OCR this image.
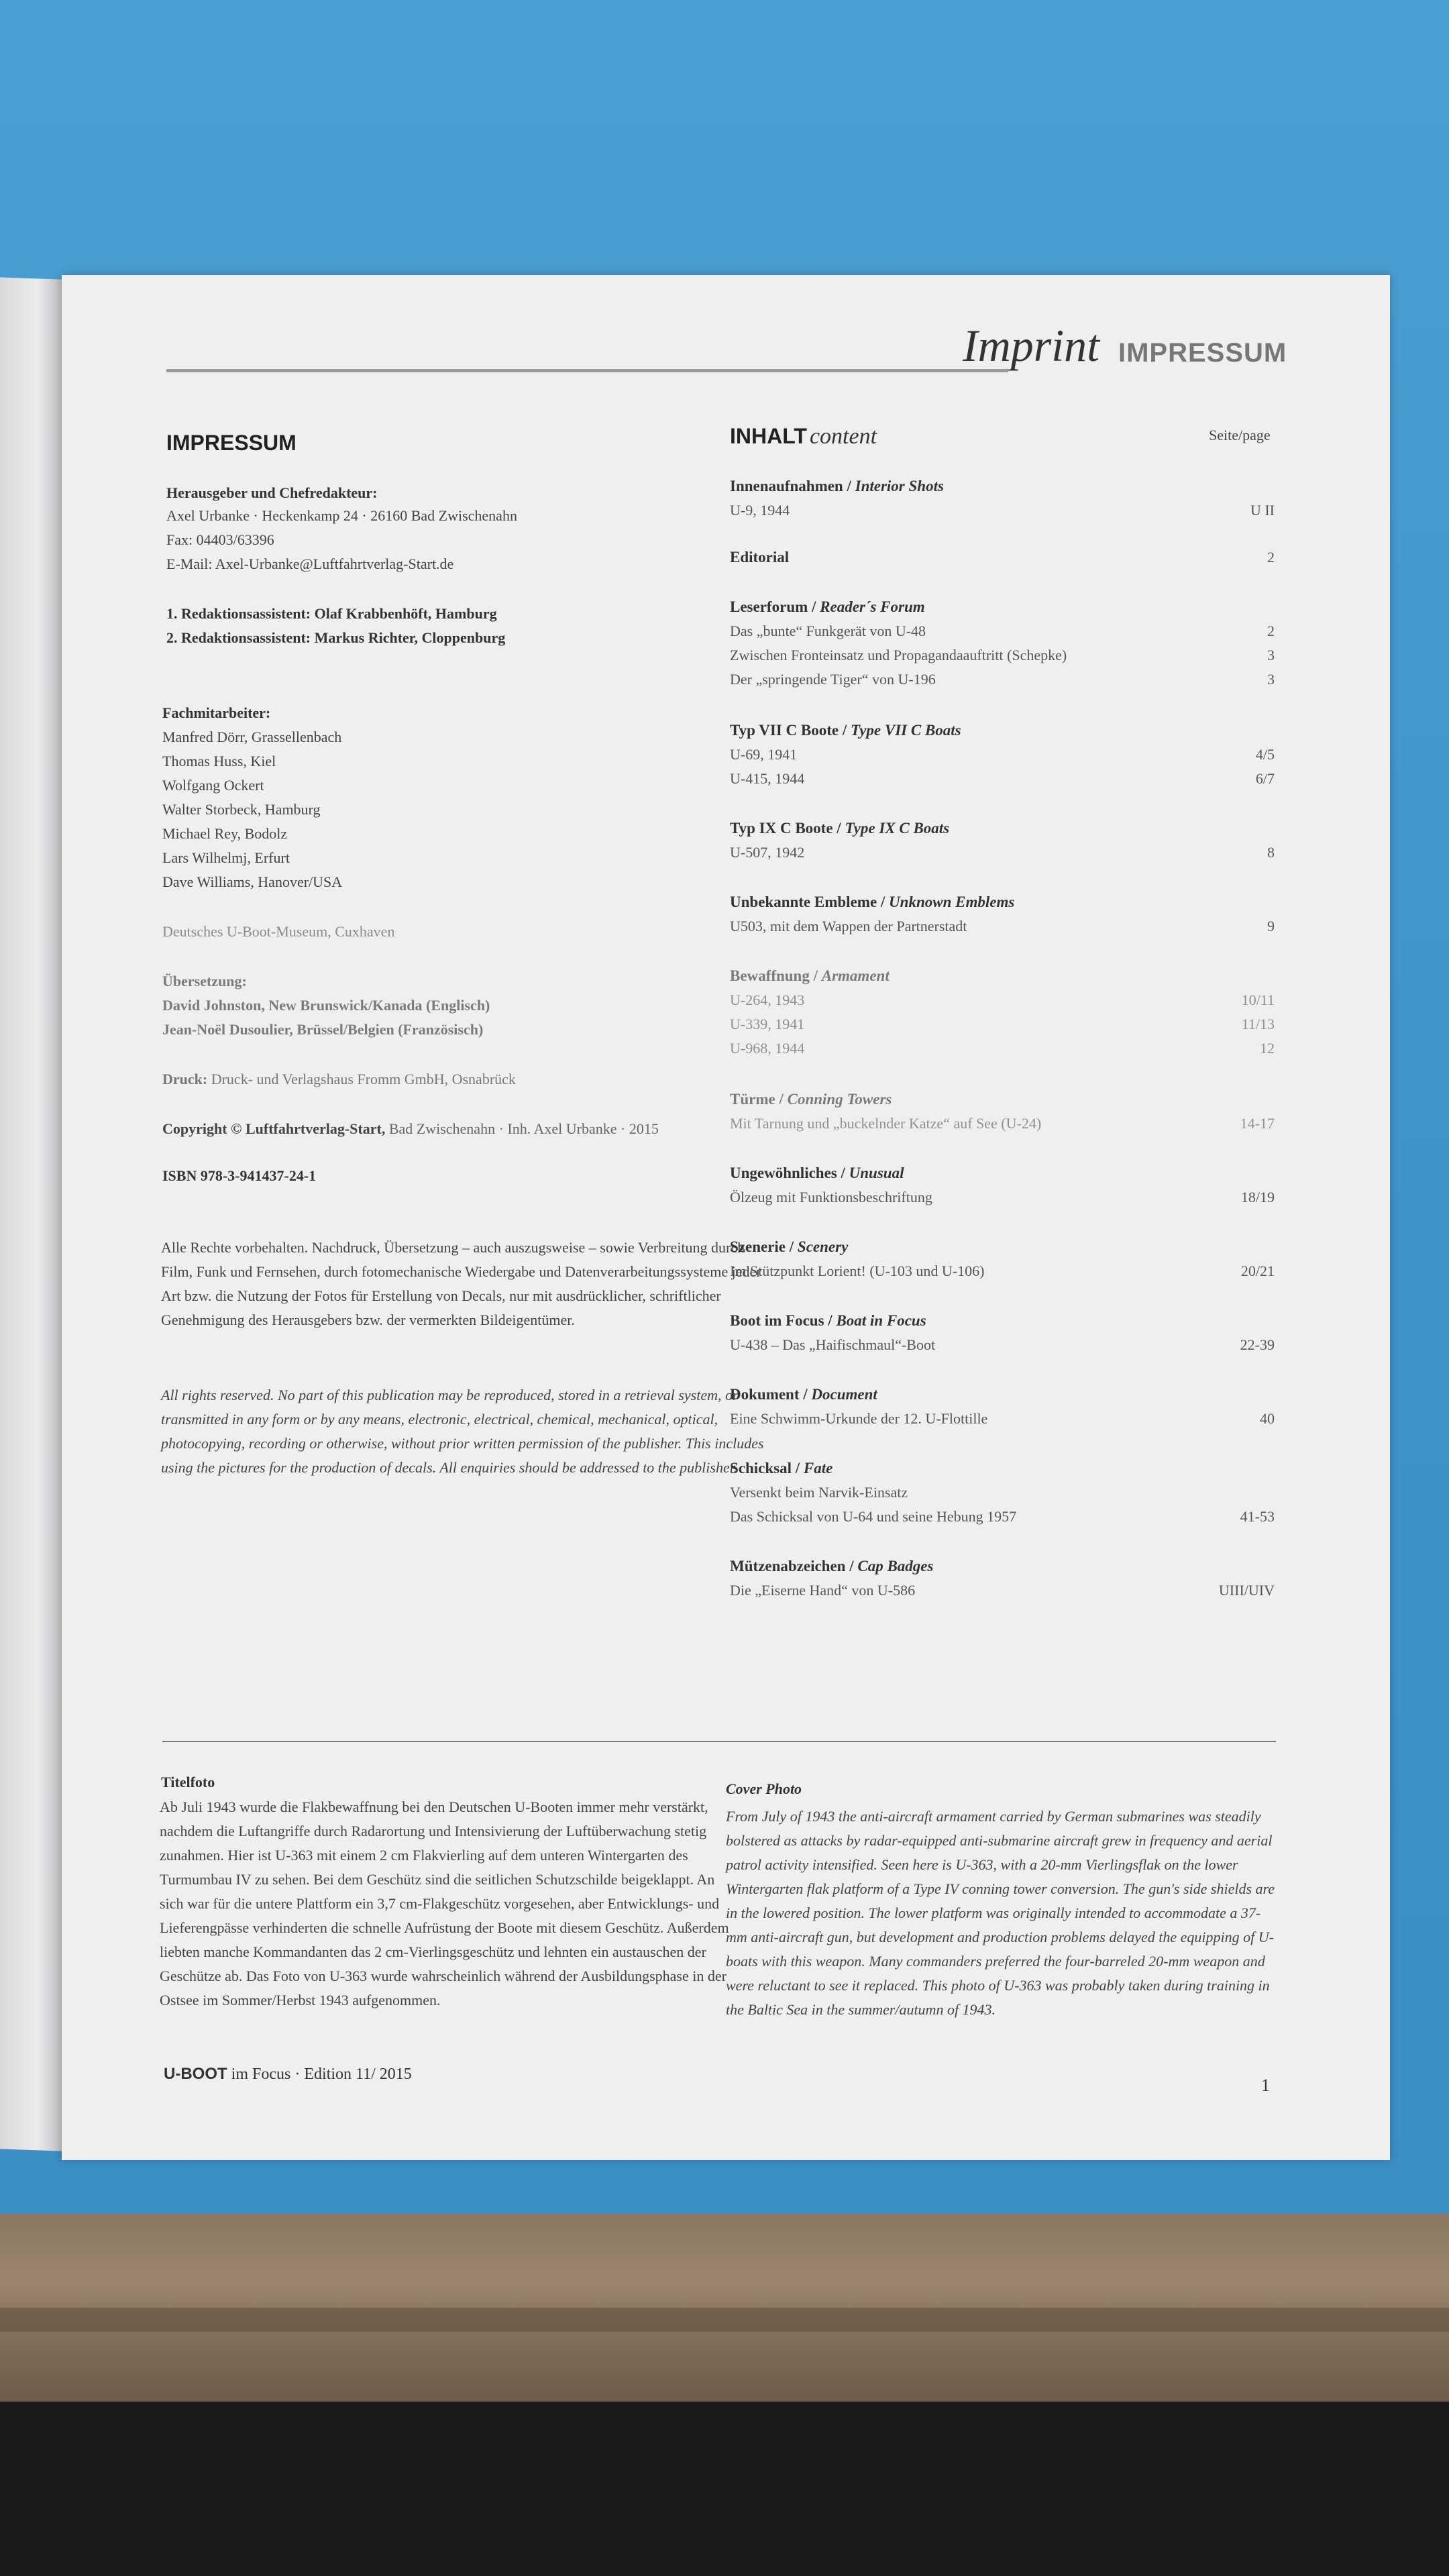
Imprint IMPRESSUM
IMPRESSUM
Herausgeber und Chefredakteur:
Axel Urbanke · Heckenkamp 24 · 26160 Bad Zwischenahn
Fax: 04403/63396
E-Mail: Axel-Urbanke@Luftfahrtverlag-Start.de
1. Redaktionsassistent: Olaf Krabbenhöft, Hamburg
2. Redaktionsassistent: Markus Richter, Cloppenburg
Fachmitarbeiter:
Manfred Dörr, Grassellenbach
Thomas Huss, Kiel
Wolfgang Ockert
Walter Storbeck, Hamburg
Michael Rey, Bodolz
Lars Wilhelmj, Erfurt
Dave Williams, Hanover/USA
Deutsches U-Boot-Museum, Cuxhaven
Übersetzung:
David Johnston, New Brunswick/Kanada (Englisch)
Jean-Noël Dusoulier, Brüssel/Belgien (Französisch)
Druck: Druck- und Verlagshaus Fromm GmbH, Osnabrück
Copyright © Luftfahrtverlag-Start, Bad Zwischenahn · Inh. Axel Urbanke · 2015
ISBN 978-3-941437-24-1
Alle Rechte vorbehalten. Nachdruck, Übersetzung – auch auszugsweise – sowie Verbreitung durch Film, Funk und Fernsehen, durch fotomechanische Wiedergabe und Datenverarbeitungssysteme jeder Art bzw. die Nutzung der Fotos für Erstellung von Decals, nur mit ausdrücklicher, schriftlicher Genehmigung des Herausgebers bzw. der vermerkten Bildeigentümer.
All rights reserved. No part of this publication may be reproduced, stored in a retrieval system, or transmitted in any form or by any means, electronic, electrical, chemical, mechanical, optical, photocopying, recording or otherwise, without prior written permission of the publisher. This includes using the pictures for the production of decals. All enquiries should be addressed to the publisher.
INHALT content	Seite/page
Innenaufnahmen / Interior Shots
U-9, 1944	U II
Editorial	2
Leserforum / Reader´s Forum
Das „bunte“ Funkgerät von U-48	2
Zwischen Fronteinsatz und Propagandaauftritt (Schepke)	3
Der „springende Tiger“ von U-196	3
Typ VII C Boote / Type VII C Boats
U-69, 1941	4/5
U-415, 1944	6/7
Typ IX C Boote / Type IX C Boats
U-507, 1942	8
Unbekannte Embleme / Unknown Emblems
U503, mit dem Wappen der Partnerstadt	9
Bewaffnung / Armament
U-264, 1943	10/11
U-339, 1941	11/13
U-968, 1944	12
Türme / Conning Towers
Mit Tarnung und „buckelnder Katze“ auf See (U-24)	14-17
Ungewöhnliches / Unusual
Ölzeug mit Funktionsbeschriftung	18/19
Szenerie / Scenery
Im Stützpunkt Lorient! (U-103 und U-106)	20/21
Boot im Focus / Boat in Focus
U-438 – Das „Haifischmaul“-Boot	22-39
Dokument / Document
Eine Schwimm-Urkunde der 12. U-Flottille	40
Schicksal / Fate
Versenkt beim Narvik-Einsatz
Das Schicksal von U-64 und seine Hebung 1957	41-53
Mützenabzeichen / Cap Badges
Die „Eiserne Hand“ von U-586	UIII/UIV
Titelfoto
Ab Juli 1943 wurde die Flakbewaffnung bei den Deutschen U-Booten immer mehr verstärkt, nachdem die Luftangriffe durch Radarortung und Intensivierung der Luftüberwachung stetig zunahmen. Hier ist U-363 mit einem 2 cm Flakvierling auf dem unteren Wintergarten des Turmumbau IV zu sehen. Bei dem Geschütz sind die seitlichen Schutzschilde beigeklappt. An sich war für die untere Plattform ein 3,7 cm-Flakgeschütz vorgesehen, aber Entwicklungs- und Lieferengpässe verhinderten die schnelle Aufrüstung der Boote mit diesem Geschütz. Außerdem liebten manche Kommandanten das 2 cm-Vierlingsgeschütz und lehnten ein austauschen der Geschütze ab. Das Foto von U-363 wurde wahrscheinlich während der Ausbildungsphase in der Ostsee im Sommer/Herbst 1943 aufgenommen.
Cover Photo
From July of 1943 the anti-aircraft armament carried by German submarines was steadily bolstered as attacks by radar-equipped anti-submarine aircraft grew in frequency and aerial patrol activity intensified. Seen here is U-363, with a 20-mm Vierlingsflak on the lower Wintergarten flak platform of a Type IV conning tower conversion. The gun's side shields are in the lowered position. The lower platform was originally intended to accommodate a 37-mm anti-aircraft gun, but development and production problems delayed the equipping of U-boats with this weapon. Many commanders preferred the four-barreled 20-mm weapon and were reluctant to see it replaced. This photo of U-363 was probably taken during training in the Baltic Sea in the summer/autumn of 1943.
U-BOOT im Focus · Edition 11/ 2015
1
